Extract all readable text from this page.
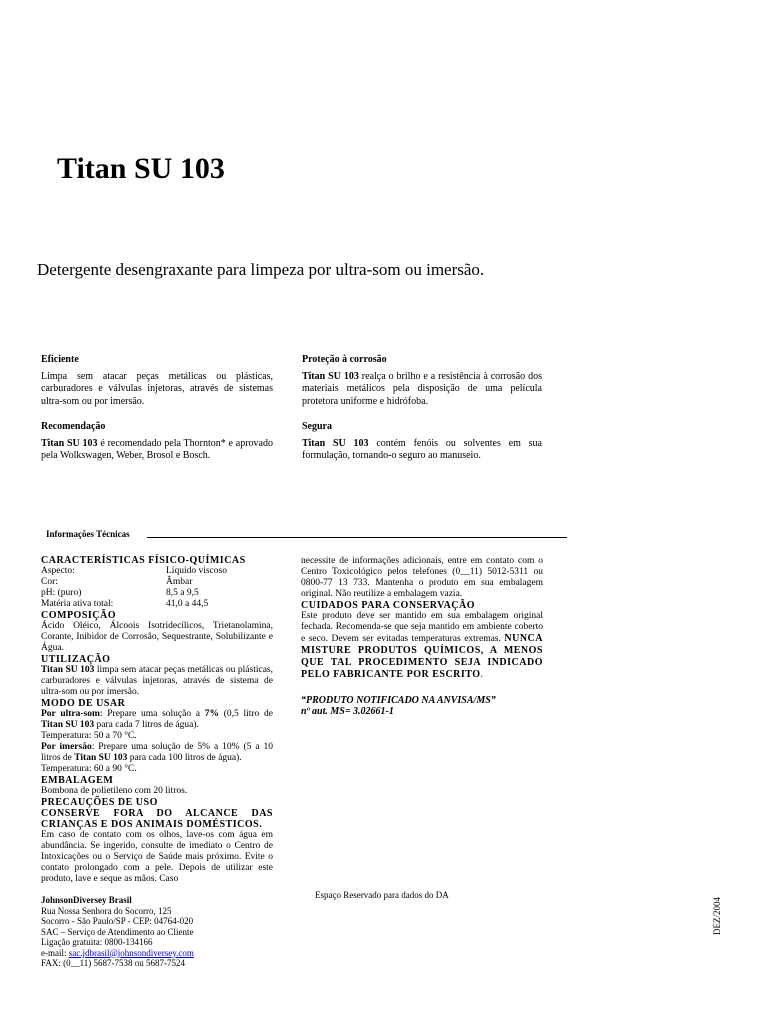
Titan SU 103
Detergente desengraxante para limpeza por ultra-som ou imersão.
Eficiente
Limpa sem atacar peças metálicas ou plásticas, carburadores e válvulas injetoras, através de sistemas ultra-som ou por imersão.
Proteção à corrosão
Titan SU 103 realça o brilho e a resistência à corrosão dos materiais metálicos pela disposição de uma película protetora uniforme e hidrófoba.
Recomendação
Titan SU 103 é recomendado pela Thornton* e aprovado pela Wolkswagen, Weber, Brosol e Bosch.
Segura
Titan SU 103 contém fenóis ou solventes em sua formulação, tornando-o seguro ao manuseio.
Informações Técnicas
CARACTERÍSTICAS FÍSICO-QUÍMICAS
Aspecto:	Líquido viscoso
Cor:	Âmbar
pH: (puro)	8,5 a 9,5
Matéria ativa total:	41,0 a 44,5
COMPOSIÇÃO
Ácido Oléico, Álcoois Isotridecílicos, Trietanolamina, Corante, Inibidor de Corrosão, Sequestrante, Solubilizante e Água.
UTILIZAÇÃO
Titan SU 103 limpa sem atacar peças metálicas ou plásticas, carburadores e válvulas injetoras, através de sistema de ultra-som ou por imersão.
MODO DE USAR
Por ultra-som: Prepare uma solução a 7% (0,5 litro de Titan SU 103 para cada 7 litros de água).
Temperatura: 50 a 70 °C.
Por imersão: Prepare uma solução de 5% a 10% (5 a 10 litros de Titan SU 103 para cada 100 litros de água).
Temperatura: 60 a 90 °C.
EMBALAGEM
Bombona de polietileno com 20 litros.
PRECAUÇÕES DE USO
CONSERVE FORA DO ALCANCE DAS CRIANÇAS E DOS ANIMAIS DOMÉSTICOS.
Em caso de contato com os olhos, lave-os com água em abundância. Se ingerido, consulte de imediato o Centro de Intoxicações ou o Serviço de Saúde mais próximo. Evite o contato prolongado com a pele. Depois de utilizar este produto, lave e seque as mãos. Caso
necessite de informações adicionais, entre em contato com o Centro Toxicológico pelos telefones (0__11) 5012-5311 ou 0800-77 13 733. Mantenha o produto em sua embalagem original. Não reutilize a embalagem vazia.
CUIDADOS PARA CONSERVAÇÃO
Este produto deve ser mantido em sua embalagem original fechada. Recomenda-se que seja mantido em ambiente coberto e seco. Devem ser evitadas temperaturas extremas. NUNCA MISTURE PRODUTOS QUÍMICOS, A MENOS QUE TAL PROCEDIMENTO SEJA INDICADO PELO FABRICANTE POR ESCRITO.
“PRODUTO NOTIFICADO NA ANVISA/MS”
nº aut. MS= 3.02661-1
Espaço Reservado para dados do DA
JohnsonDiversey Brasil
Rua Nossa Senhora do Socorro, 125
Socorro - São Paulo/SP - CEP: 04764-020
SAC – Serviço de Atendimento ao Cliente
Ligação gratuita: 0800-134166
e-mail: sac.jdbrasil@johnsondiversey.com
FAX: (0__11) 5687-7538 ou 5687-7524
DEZ/2004
